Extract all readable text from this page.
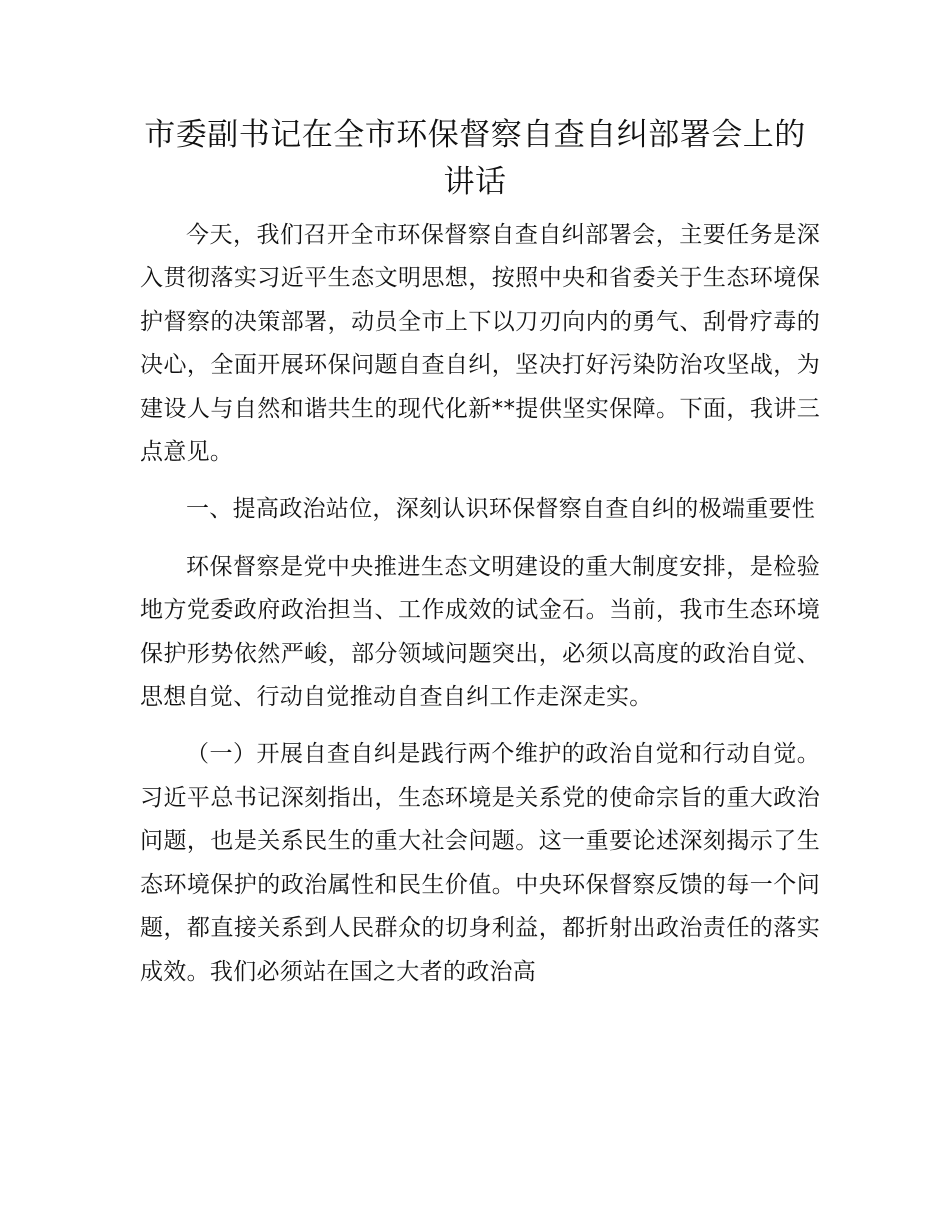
市委副书记在全市环保督察自查自纠部署会上的讲话

今天，我们召开全市环保督察自查自纠部署会，主要任务是深入贯彻落实习近平生态文明思想，按照中央和省委关于生态环境保护督察的决策部署，动员全市上下以刀刃向内的勇气、刮骨疗毒的决心，全面开展环保问题自查自纠，坚决打好污染防治攻坚战，为建设人与自然和谐共生的现代化新**提供坚实保障。下面，我讲三点意见。

一、提高政治站位，深刻认识环保督察自查自纠的极端重要性

环保督察是党中央推进生态文明建设的重大制度安排，是检验地方党委政府政治担当、工作成效的试金石。当前，我市生态环境保护形势依然严峻，部分领域问题突出，必须以高度的政治自觉、思想自觉、行动自觉推动自查自纠工作走深走实。

（一）开展自查自纠是践行两个维护的政治自觉和行动自觉。习近平总书记深刻指出，生态环境是关系党的使命宗旨的重大政治问题，也是关系民生的重大社会问题。这一重要论述深刻揭示了生态环境保护的政治属性和民生价值。中央环保督察反馈的每一个问题，都直接关系到人民群众的切身利益，都折射出政治责任的落实成效。我们必须站在国之大者的政治高
